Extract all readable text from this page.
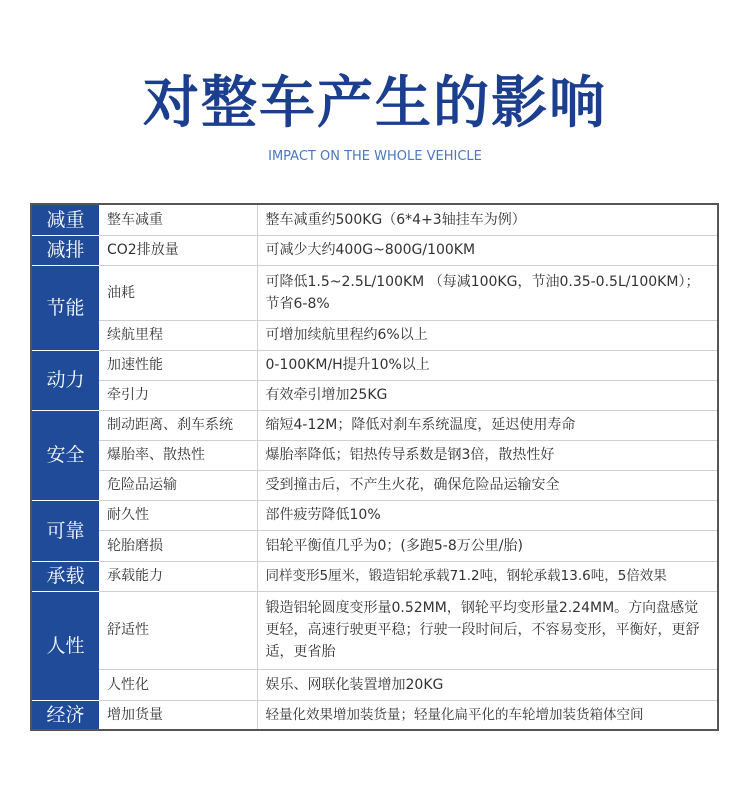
对整车产生的影响
IMPACT ON THE WHOLE VEHICLE
减重	整车减重	整车减重约500KG（6*4+3轴挂车为例）
减排	CO2排放量	可减少大约400G~800G/100KM
节能	油耗	可降低1.5~2.5L/100KM （每减100KG，节油0.35-0.5L/100KM）；节省6-8%
	续航里程	可增加续航里程约6%以上
动力	加速性能	0-100KM/H提升10%以上
	牵引力	有效牵引增加25KG
安全	制动距离、刹车系统	缩短4-12M；降低对刹车系统温度，延迟使用寿命
	爆胎率、散热性	爆胎率降低；铝热传导系数是钢3倍，散热性好
	危险品运输	受到撞击后，不产生火花，确保危险品运输安全
可靠	耐久性	部件疲劳降低10%
	轮胎磨损	铝轮平衡值几乎为0；(多跑5-8万公里/胎)
承载	承载能力	同样变形5厘米，锻造铝轮承载71.2吨，钢轮承载13.6吨，5倍效果
人性	舒适性	锻造铝轮圆度变形量0.52MM，钢轮平均变形量2.24MM。方向盘感觉更轻，高速行驶更平稳；行驶一段时间后，不容易变形，平衡好，更舒适，更省胎
	人性化	娱乐、网联化装置增加20KG
经济	增加货量	轻量化效果增加装货量；轻量化扁平化的车轮增加装货箱体空间
